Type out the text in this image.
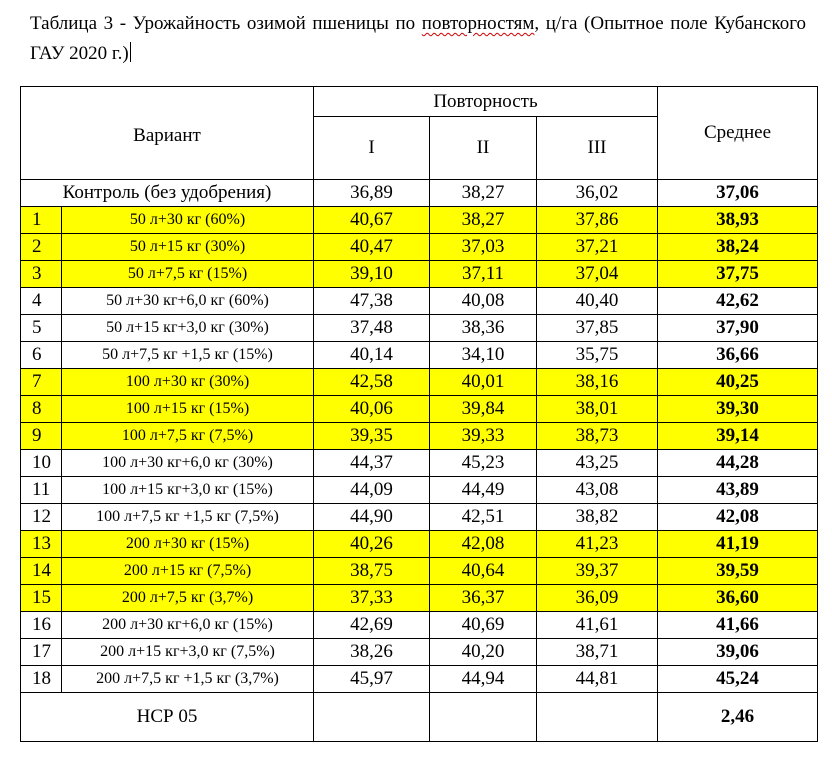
Таблица 3 - Урожайность озимой пшеницы по повторностям, ц/га (Опытное поле Кубанского ГАУ 2020 г.)
Вариант		Повторность			Среднее
		I	II	III	
Контроль (без удобрения)		36,89	38,27	36,02	37,06
1	50 л+30 кг (60%)	40,67	38,27	37,86	38,93
2	50 л+15 кг (30%)	40,47	37,03	37,21	38,24
3	50 л+7,5 кг (15%)	39,10	37,11	37,04	37,75
4	50 л+30 кг+6,0 кг (60%)	47,38	40,08	40,40	42,62
5	50 л+15 кг+3,0 кг (30%)	37,48	38,36	37,85	37,90
6	50 л+7,5 кг +1,5 кг (15%)	40,14	34,10	35,75	36,66
7	100 л+30 кг (30%)	42,58	40,01	38,16	40,25
8	100 л+15 кг (15%)	40,06	39,84	38,01	39,30
9	100 л+7,5 кг (7,5%)	39,35	39,33	38,73	39,14
10	100 л+30 кг+6,0 кг (30%)	44,37	45,23	43,25	44,28
11	100 л+15 кг+3,0 кг (15%)	44,09	44,49	43,08	43,89
12	100 л+7,5 кг +1,5 кг (7,5%)	44,90	42,51	38,82	42,08
13	200 л+30 кг (15%)	40,26	42,08	41,23	41,19
14	200 л+15 кг (7,5%)	38,75	40,64	39,37	39,59
15	200 л+7,5 кг (3,7%)	37,33	36,37	36,09	36,60
16	200 л+30 кг+6,0 кг (15%)	42,69	40,69	41,61	41,66
17	200 л+15 кг+3,0 кг (7,5%)	38,26	40,20	38,71	39,06
18	200 л+7,5 кг +1,5 кг (3,7%)	45,97	44,94	44,81	45,24
НСР 05					2,46
